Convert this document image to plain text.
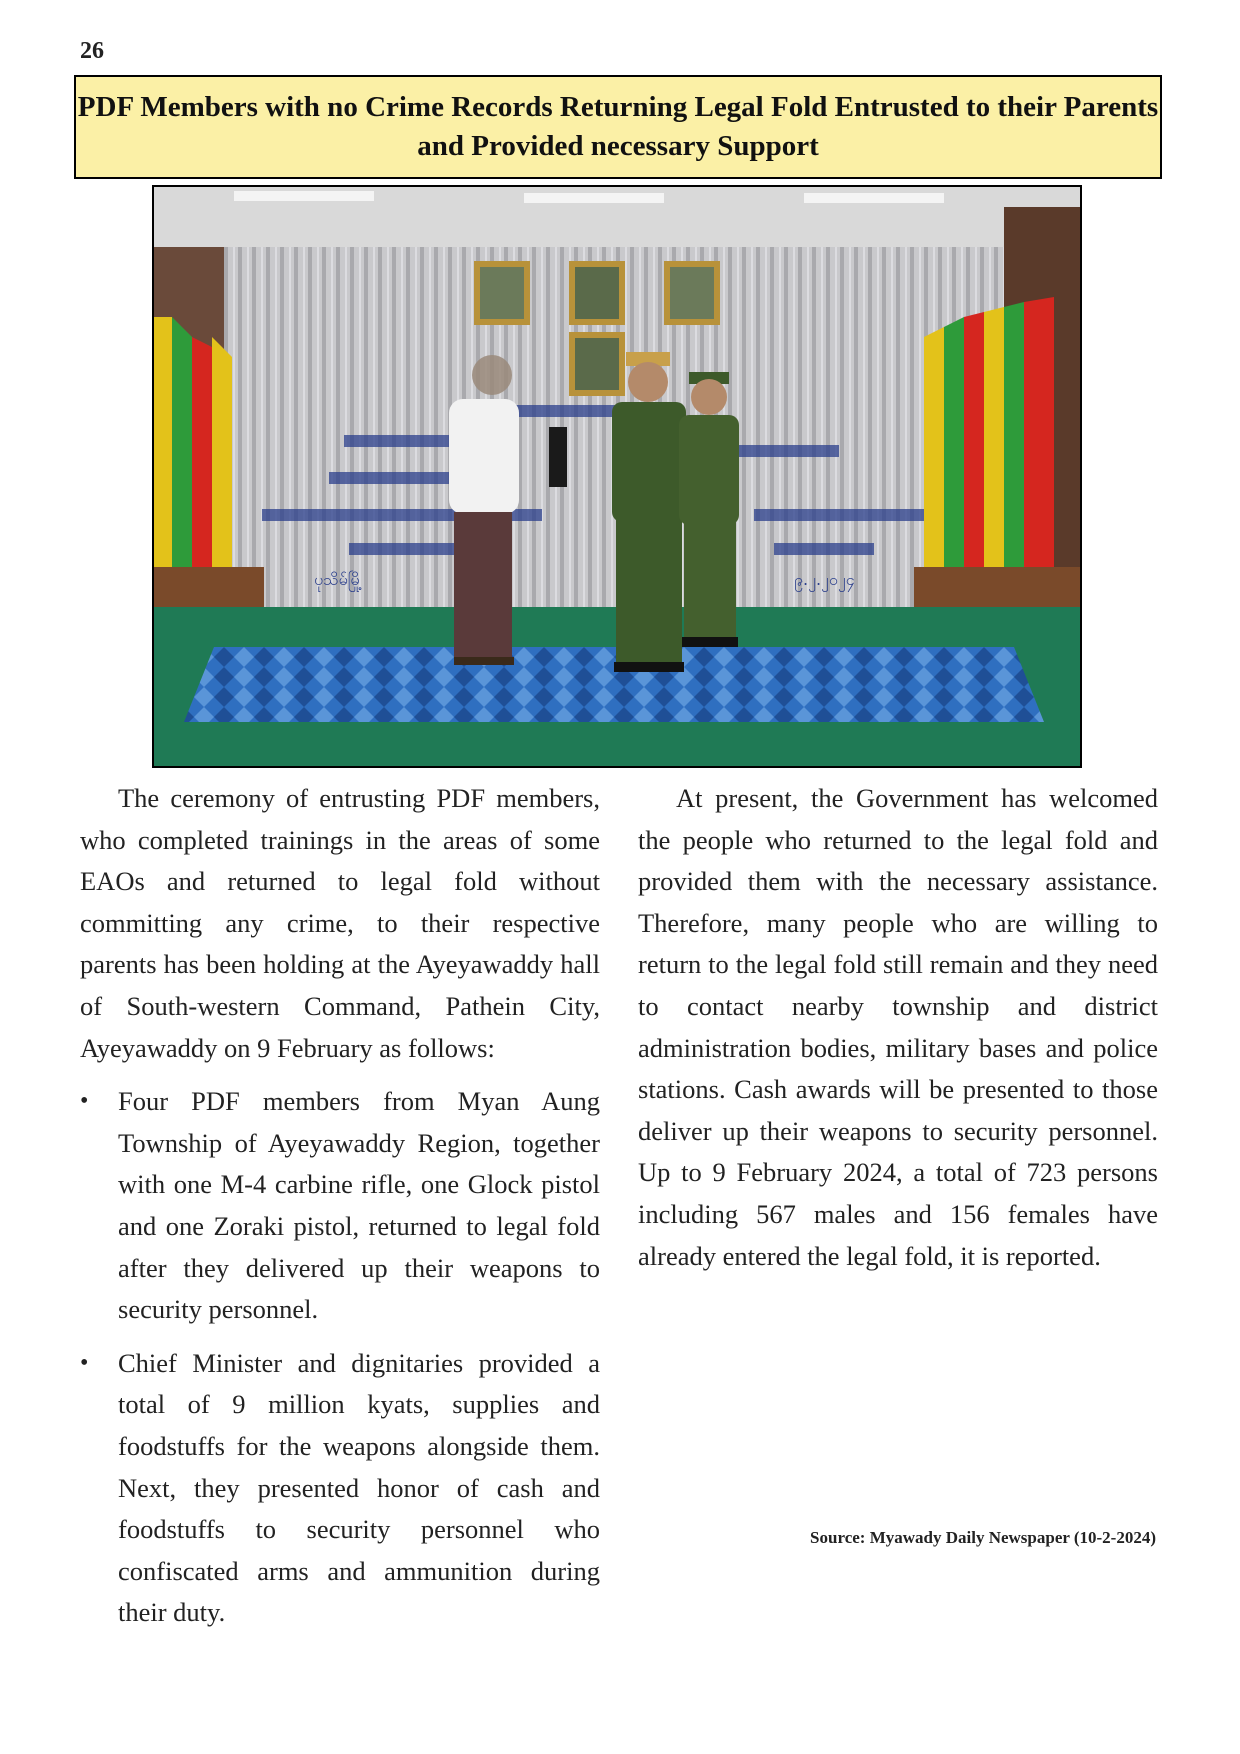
26
PDF Members with no Crime Records Returning Legal Fold Entrusted to their Parents and Provided necessary Support
ပုသိမ်မြို့	၉.၂.၂၀၂၄

The ceremony of entrusting PDF members, who completed trainings in the areas of some EAOs and returned to legal fold without committing any crime, to their respective parents has been holding at the Ayeyawaddy hall of South-western Command, Pathein City, Ayeyawaddy on 9 February as follows:

• Four PDF members from Myan Aung Township of Ayeyawaddy Region, together with one M-4 carbine rifle, one Glock pistol and one Zoraki pistol, returned to legal fold after they delivered up their weapons to security personnel.
• Chief Minister and dignitaries provided a total of 9 million kyats, supplies and foodstuffs for the weapons alongside them. Next, they presented honor of cash and foodstuffs to security personnel who confiscated arms and ammunition during their duty.

At present, the Government has welcomed the people who returned to the legal fold and provided them with the necessary assistance. Therefore, many people who are willing to return to the legal fold still remain and they need to contact nearby township and district administration bodies, military bases and police stations. Cash awards will be presented to those deliver up their weapons to security personnel. Up to 9 February 2024, a total of 723 persons including 567 males and 156 females have already entered the legal fold, it is reported.

Source: Myawady Daily Newspaper (10-2-2024)
